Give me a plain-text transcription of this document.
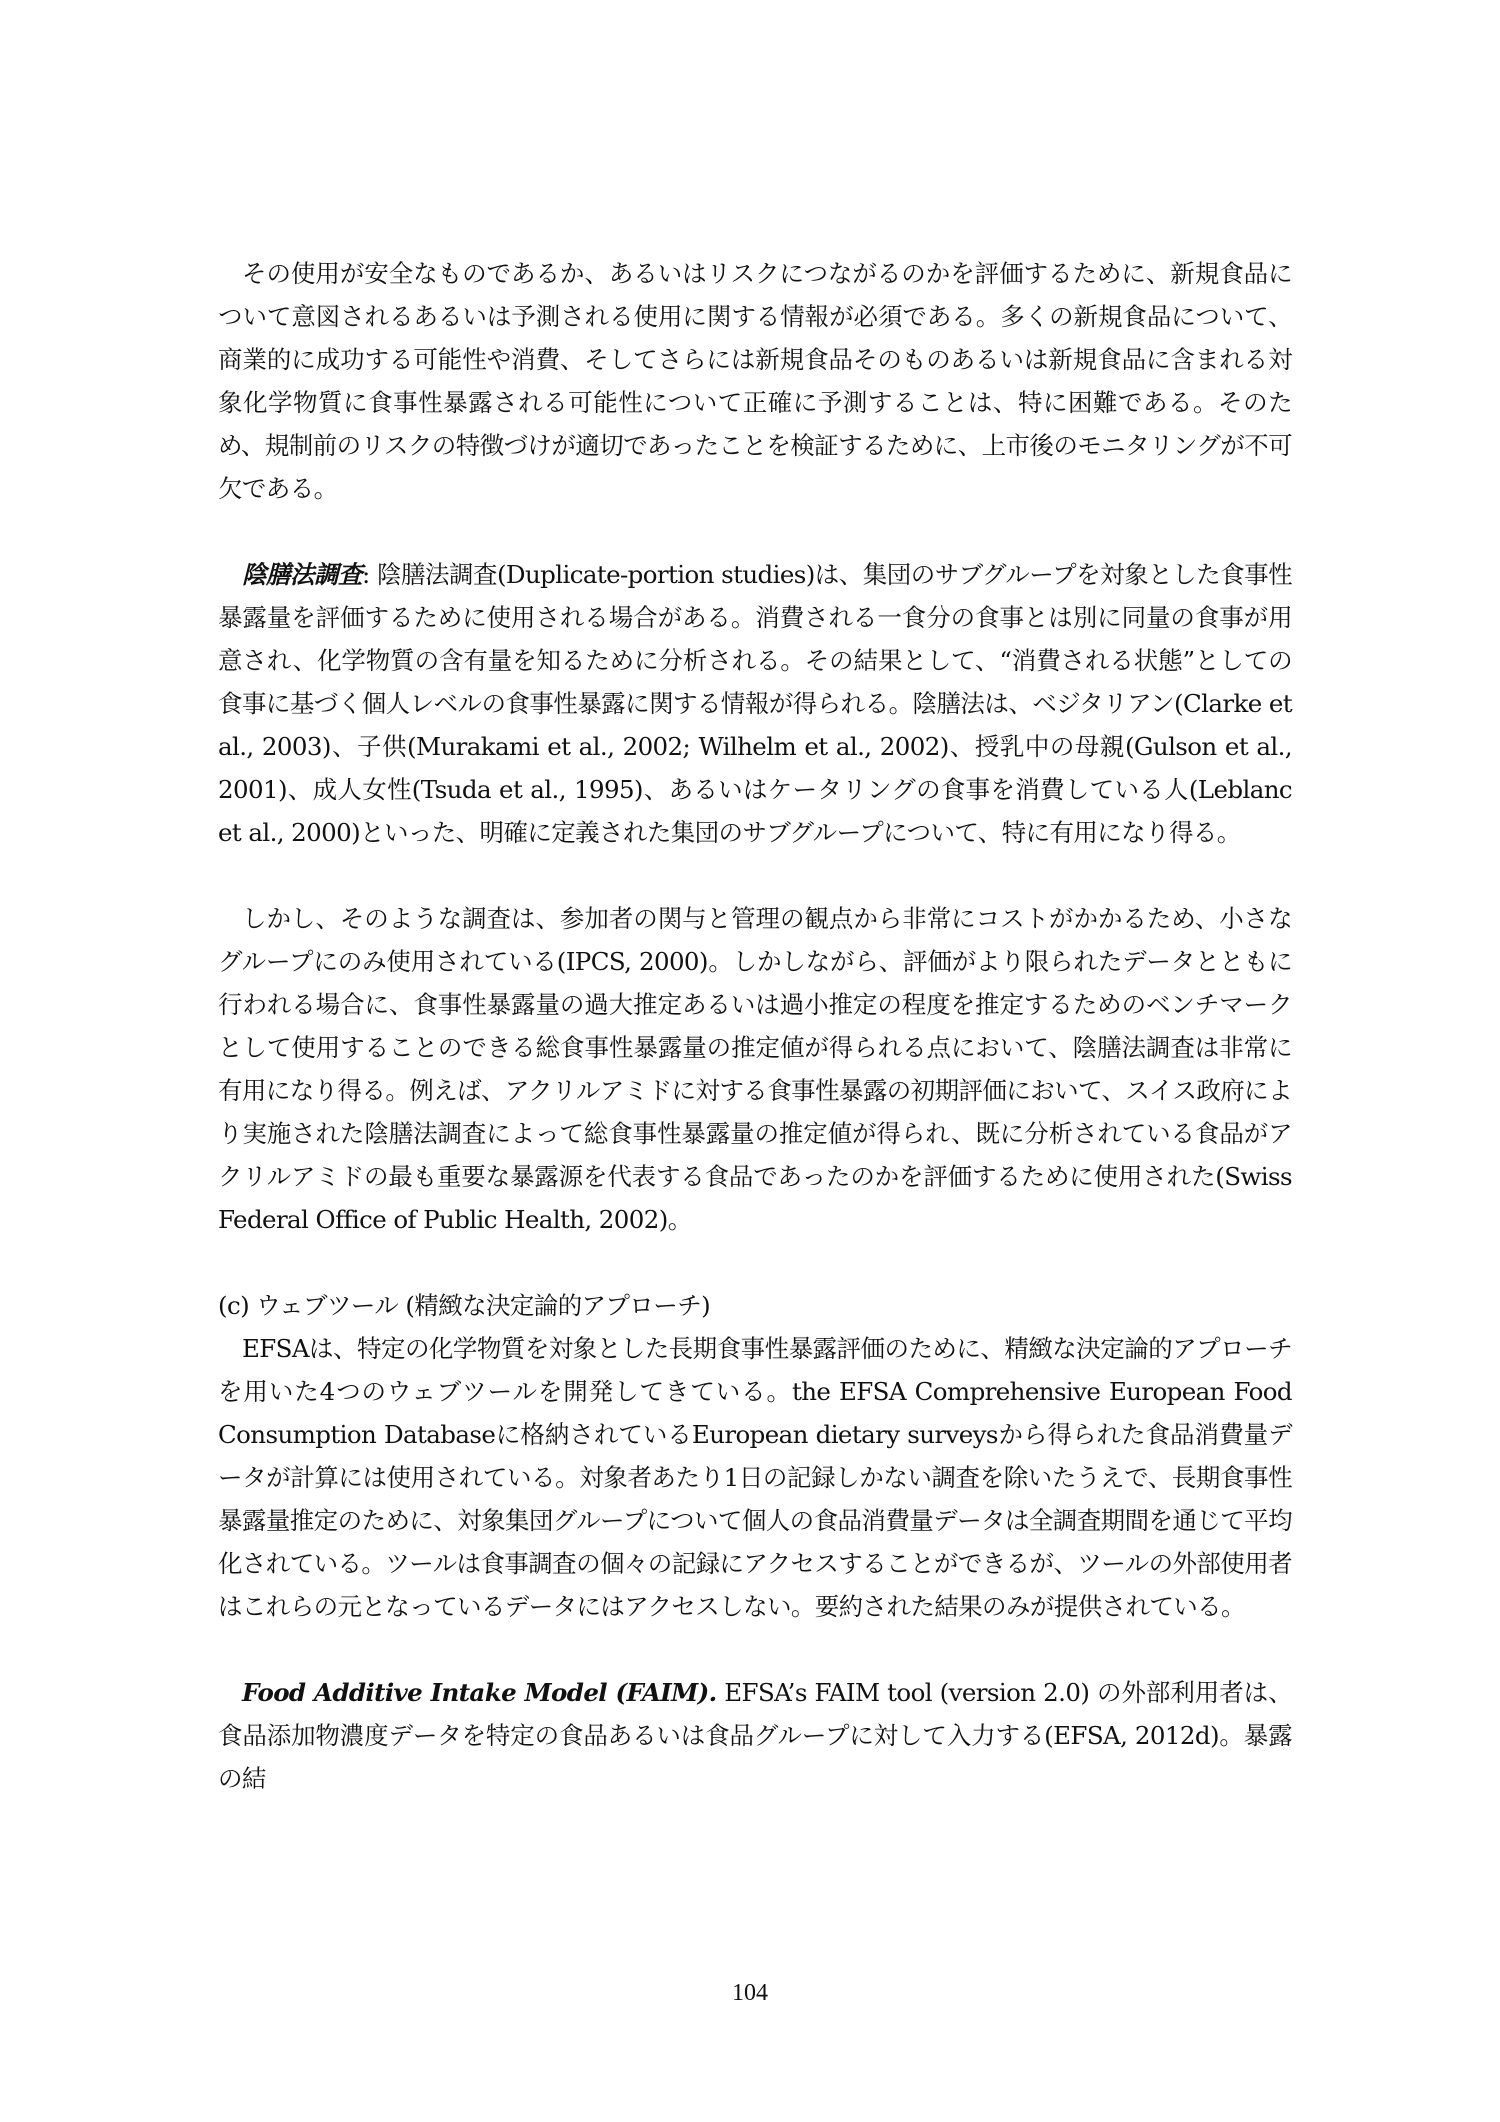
その使用が安全なものであるか、あるいはリスクにつながるのかを評価するために、新規食品について意図されるあるいは予測される使用に関する情報が必須である。多くの新規食品について、商業的に成功する可能性や消費、そしてさらには新規食品そのものあるいは新規食品に含まれる対象化学物質に食事性暴露される可能性について正確に予測することは、特に困難である。そのため、規制前のリスクの特徴づけが適切であったことを検証するために、上市後のモニタリングが不可欠である。

陰膳法調査: 陰膳法調査(Duplicate-portion studies)は、集団のサブグループを対象とした食事性暴露量を評価するために使用される場合がある。消費される一食分の食事とは別に同量の食事が用意され、化学物質の含有量を知るために分析される。その結果として、“消費される状態”としての食事に基づく個人レベルの食事性暴露に関する情報が得られる。陰膳法は、ベジタリアン(Clarke et al., 2003)、子供(Murakami et al., 2002; Wilhelm et al., 2002)、授乳中の母親(Gulson et al., 2001)、成人女性(Tsuda et al., 1995)、あるいはケータリングの食事を消費している人(Leblanc et al., 2000)といった、明確に定義された集団のサブグループについて、特に有用になり得る。

しかし、そのような調査は、参加者の関与と管理の観点から非常にコストがかかるため、小さなグループにのみ使用されている(IPCS, 2000)。しかしながら、評価がより限られたデータとともに行われる場合に、食事性暴露量の過大推定あるいは過小推定の程度を推定するためのベンチマークとして使用することのできる総食事性暴露量の推定値が得られる点において、陰膳法調査は非常に有用になり得る。例えば、アクリルアミドに対する食事性暴露の初期評価において、スイス政府により実施された陰膳法調査によって総食事性暴露量の推定値が得られ、既に分析されている食品がアクリルアミドの最も重要な暴露源を代表する食品であったのかを評価するために使用された(Swiss Federal Office of Public Health, 2002)。

(c) ウェブツール (精緻な決定論的アプローチ)

EFSAは、特定の化学物質を対象とした長期食事性暴露評価のために、精緻な決定論的アプローチを用いた4つのウェブツールを開発してきている。the EFSA Comprehensive European Food Consumption Databaseに格納されているEuropean dietary surveysから得られた食品消費量データが計算には使用されている。対象者あたり1日の記録しかない調査を除いたうえで、長期食事性暴露量推定のために、対象集団グループについて個人の食品消費量データは全調査期間を通じて平均化されている。ツールは食事調査の個々の記録にアクセスすることができるが、ツールの外部使用者はこれらの元となっているデータにはアクセスしない。要約された結果のみが提供されている。

Food Additive Intake Model (FAIM). EFSA’s FAIM tool (version 2.0) の外部利用者は、食品添加物濃度データを特定の食品あるいは食品グループに対して入力する(EFSA, 2012d)。暴露の結

104
